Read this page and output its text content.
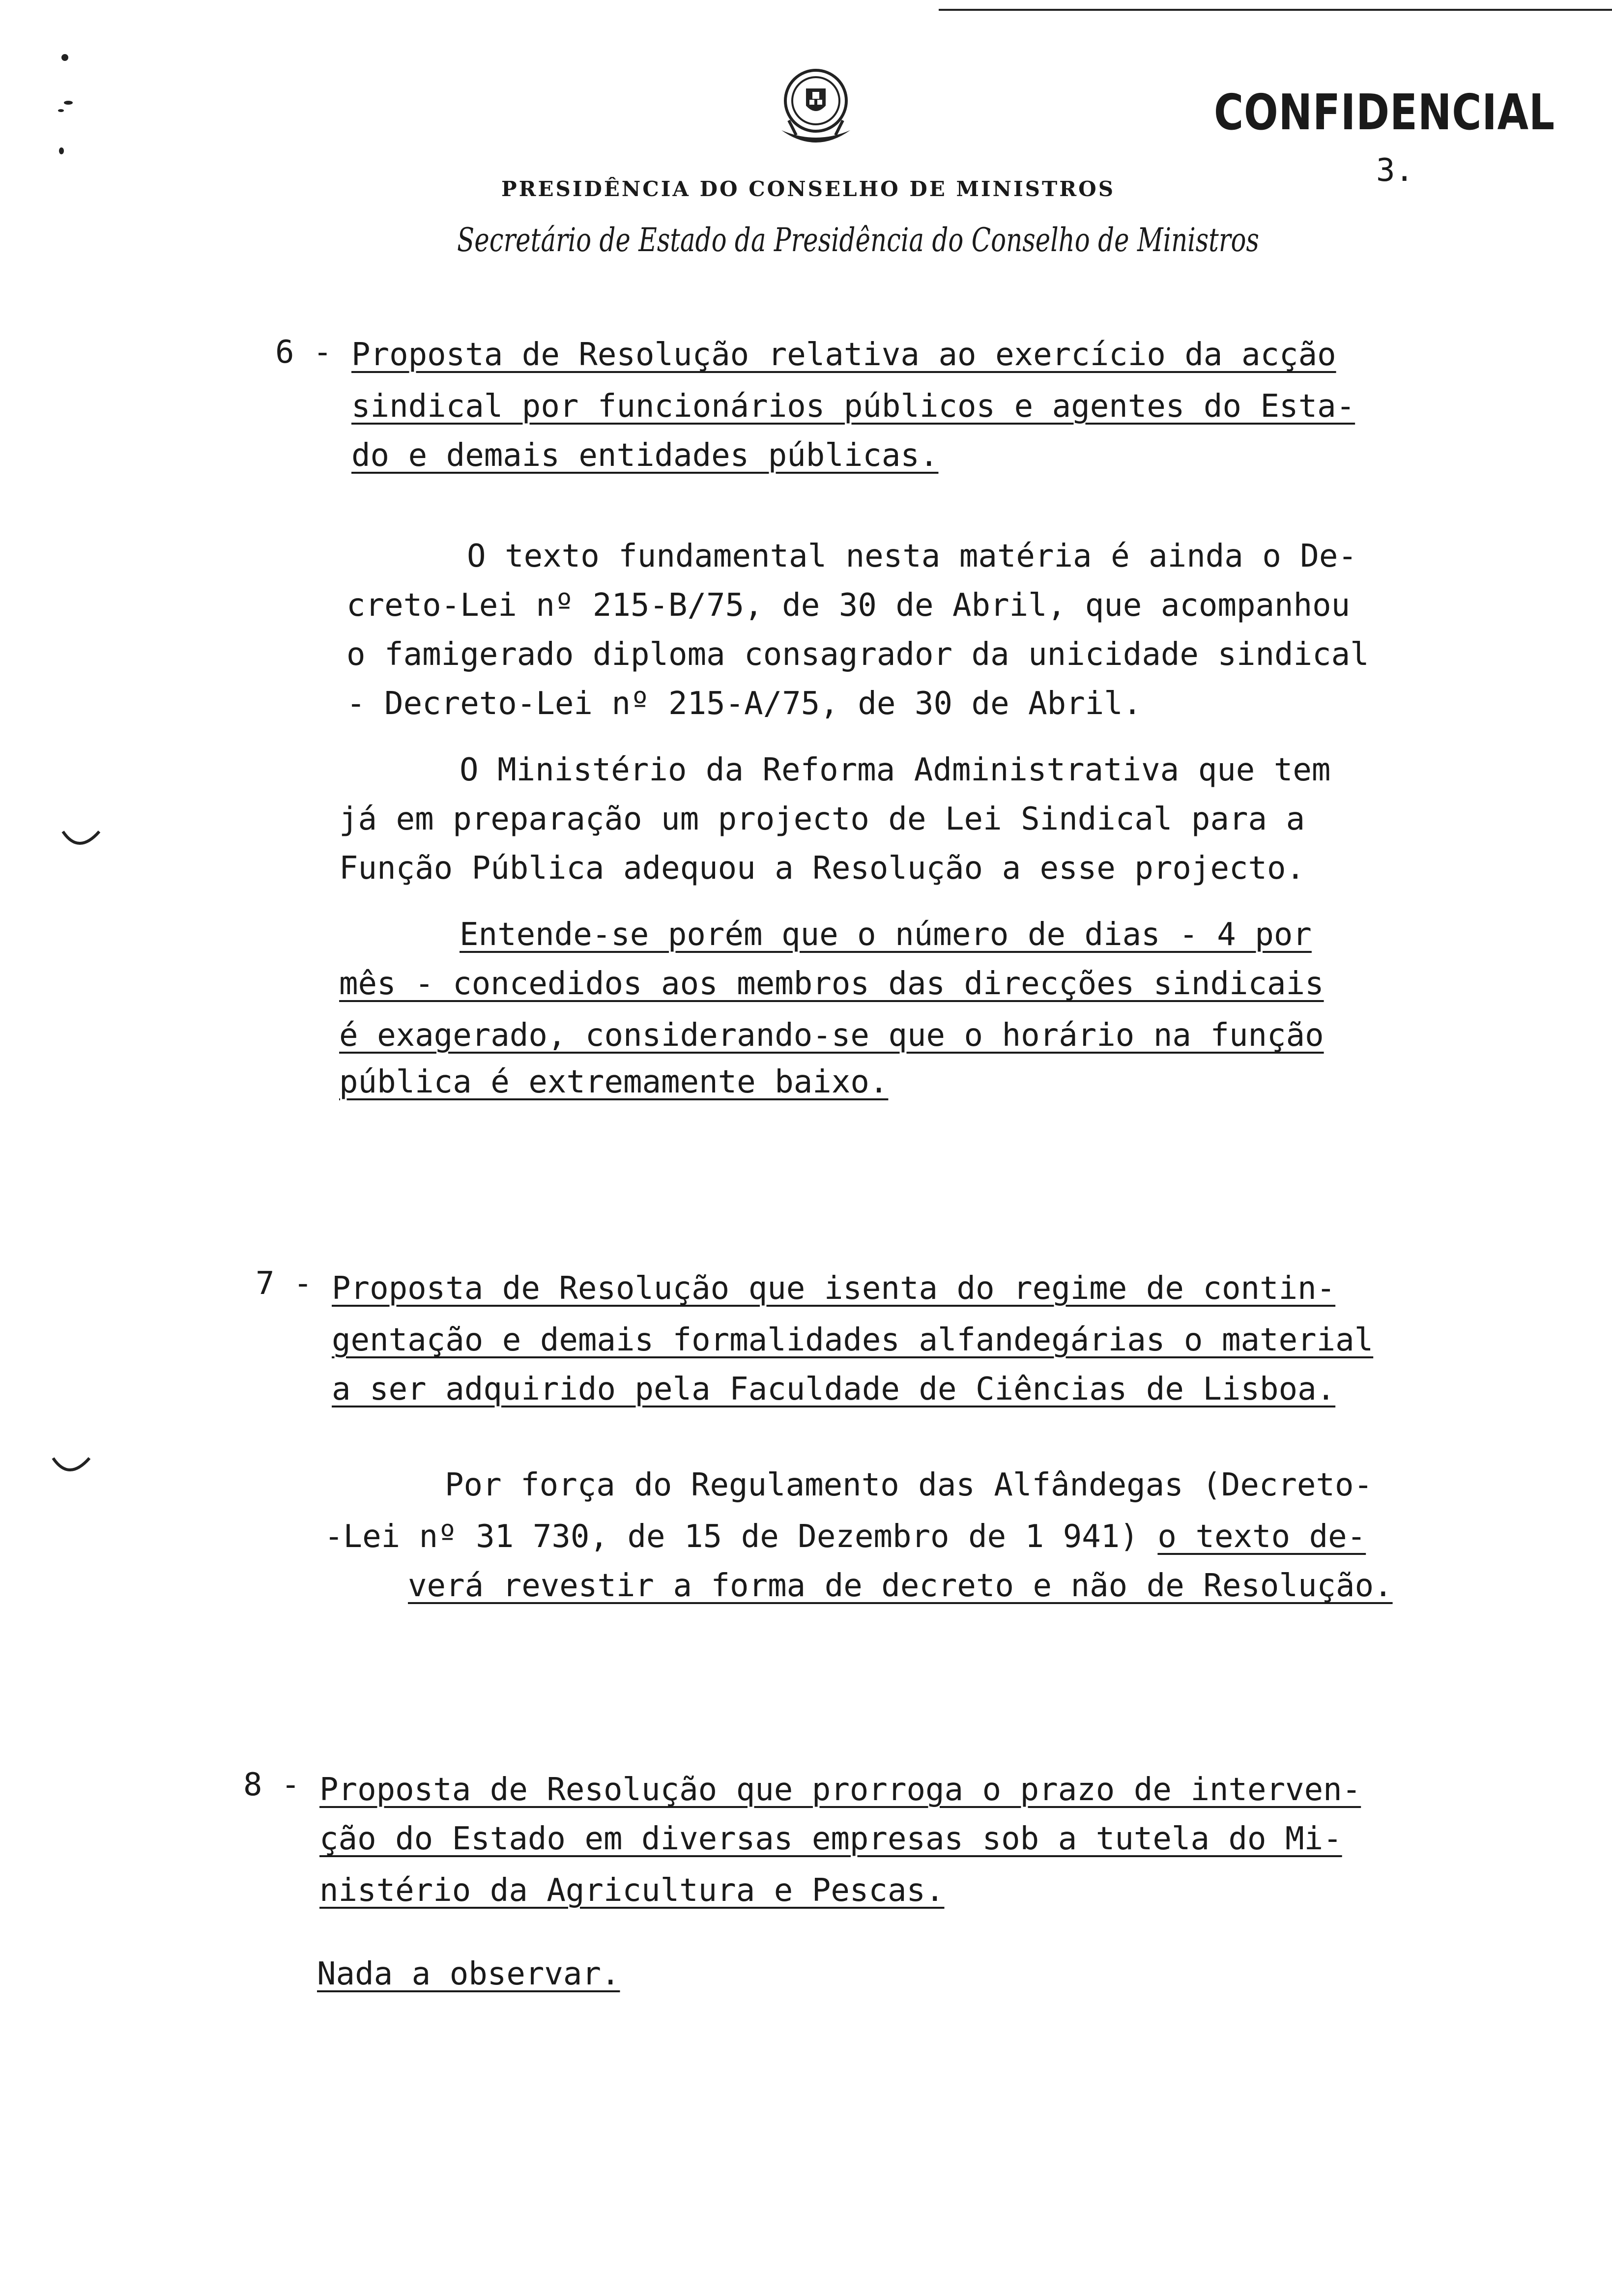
CONFIDENCIAL
3.
PRESIDÊNCIA DO CONSELHO DE MINISTROS
Secretário de Estado da Presidência do Conselho de Ministros
6 - Proposta de Resolução relativa ao exercício da acção
sindical por funcionários públicos e agentes do Esta-
do e demais entidades públicas.
O texto fundamental nesta matéria é ainda o De-
creto-Lei nº 215-B/75, de 30 de Abril, que acompanhou
o famigerado diploma consagrador da unicidade sindical
- Decreto-Lei nº 215-A/75, de 30 de Abril.
O Ministério da Reforma Administrativa que tem
já em preparação um projecto de Lei Sindical para a
Função Pública adequou a Resolução a esse projecto.
Entende-se porém que o número de dias - 4 por
mês - concedidos aos membros das direcções sindicais
é exagerado, considerando-se que o horário na função
pública é extremamente baixo.
7 - Proposta de Resolução que isenta do regime de contin-
gentação e demais formalidades alfandegárias o material
a ser adquirido pela Faculdade de Ciências de Lisboa.
Por força do Regulamento das Alfândegas (Decreto-
-Lei nº 31 730, de 15 de Dezembro de 1 941) o texto de-
verá revestir a forma de decreto e não de Resolução.
8 - Proposta de Resolução que prorroga o prazo de interven-
ção do Estado em diversas empresas sob a tutela do Mi-
nistério da Agricultura e Pescas.
Nada a observar.
